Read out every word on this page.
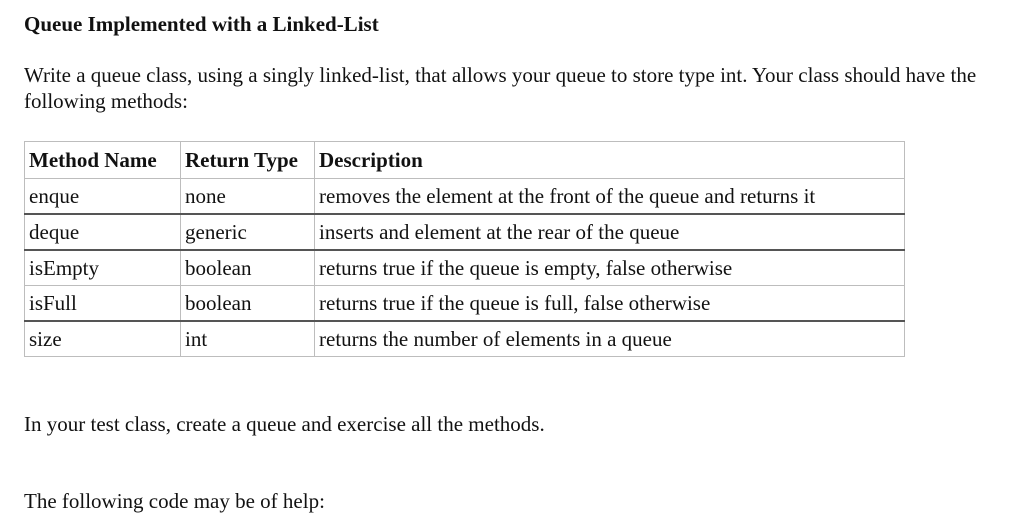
Queue Implemented with a Linked-List
Write a queue class, using a singly linked-list, that allows your queue to store type int. Your class should have the following methods:
Method Name	Return Type	Description
enque	none	removes the element at the front of the queue and returns it
deque	generic	inserts and element at the rear of the queue
isEmpty	boolean	returns true if the queue is empty, false otherwise
isFull	boolean	returns true if the queue is full, false otherwise
size	int	returns the number of elements in a queue
In your test class, create a queue and exercise all the methods.
The following code may be of help:
